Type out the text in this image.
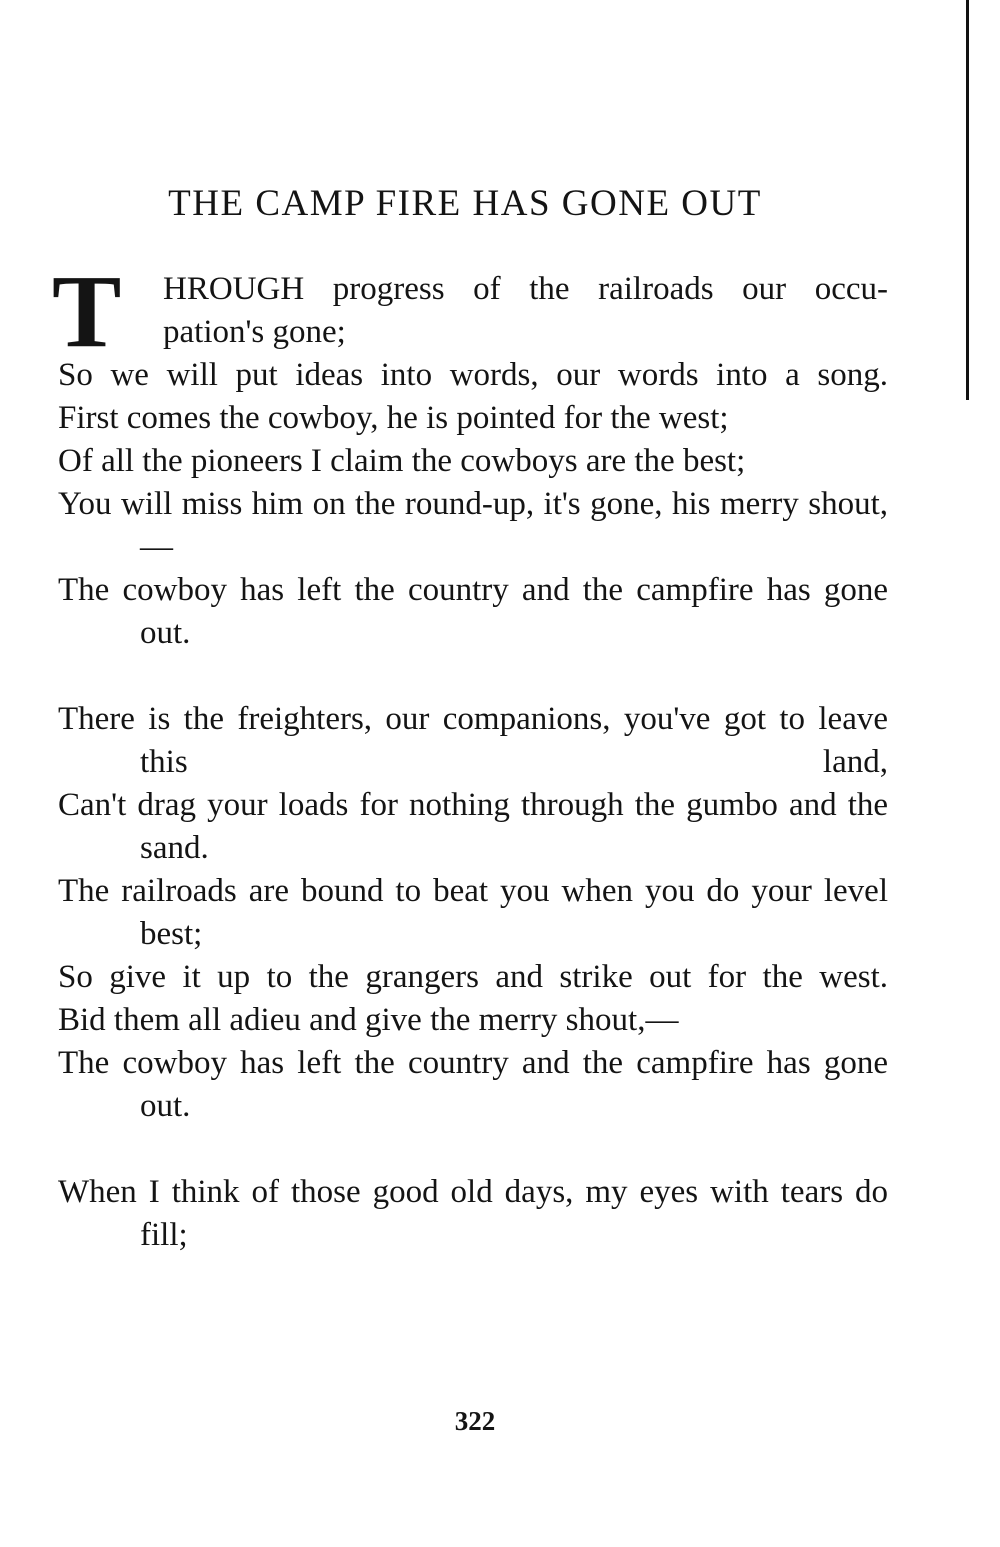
THE CAMP FIRE HAS GONE OUT
T HROUGH progress of the railroads our occu-
pation's gone;
So we will put ideas into words, our words into a song.
First comes the cowboy, he is pointed for the west;
Of all the pioneers I claim the cowboys are the best;
You will miss him on the round-up, it's gone, his merry shout,—
The cowboy has left the country and the campfire has gone out.
There is the freighters, our companions, you've got to leave this land,
Can't drag your loads for nothing through the gumbo and the sand.
The railroads are bound to beat you when you do your level best;
So give it up to the grangers and strike out for the west.
Bid them all adieu and give the merry shout,—
The cowboy has left the country and the campfire has gone out.
When I think of those good old days, my eyes with tears do fill;
322
